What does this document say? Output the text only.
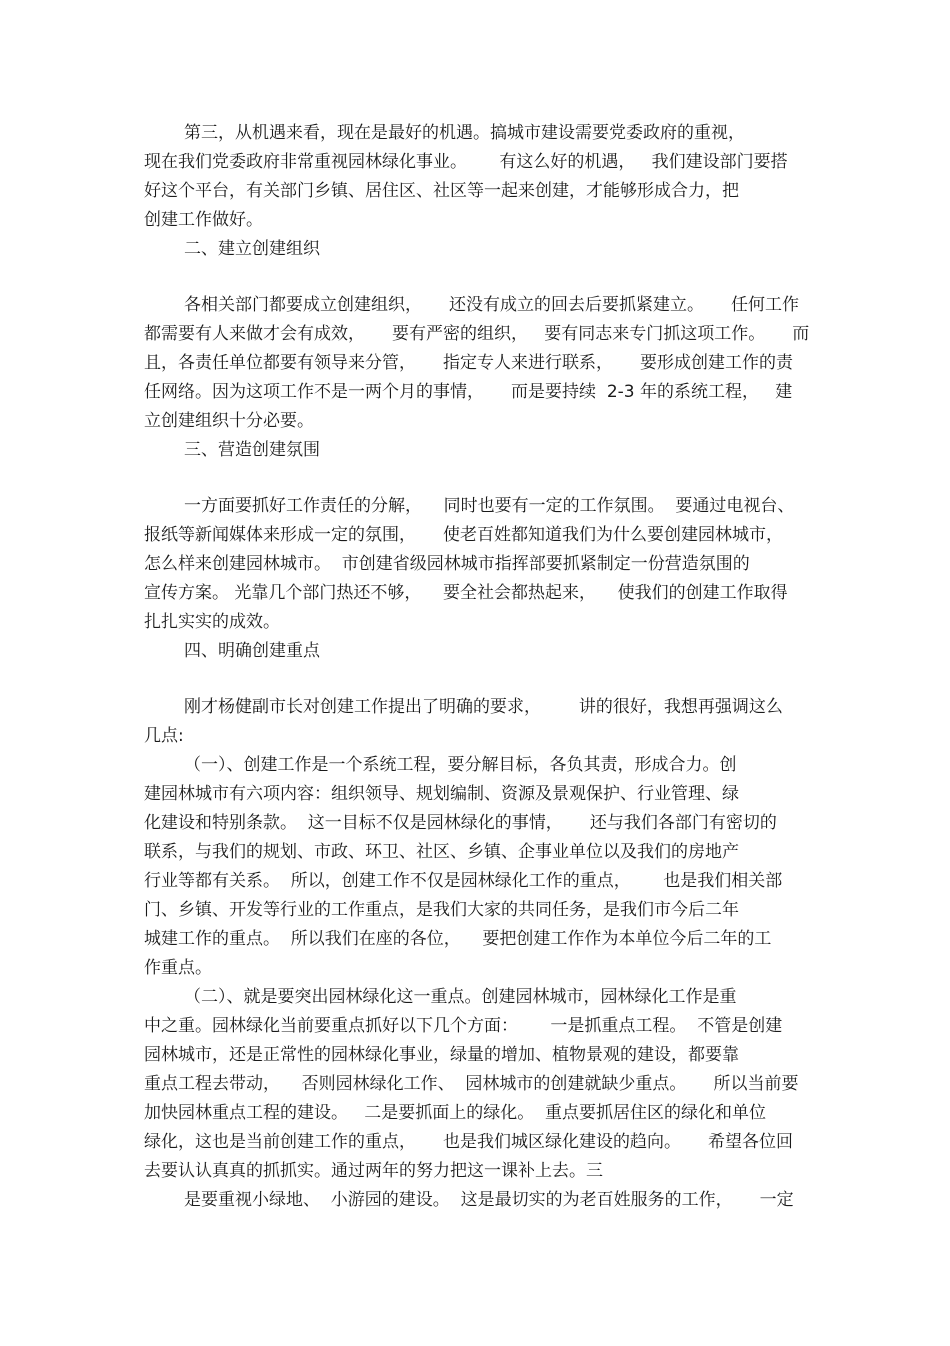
第三，从机遇来看，现在是最好的机遇。搞城市建设需要党委政府的重视，
现在我们党委政府非常重视园林绿化事业。      有这么好的机遇，   我们建设部门要搭
好这个平台，有关部门乡镇、居住区、社区等一起来创建，才能够形成合力，把
创建工作做好。
二、建立创建组织
各相关部门都要成立创建组织，     还没有成立的回去后要抓紧建立。     任何工作
都需要有人来做才会有成效，     要有严密的组织，   要有同志来专门抓这项工作。     而
且，各责任单位都要有领导来分管，     指定专人来进行联系，     要形成创建工作的责
任网络。因为这项工作不是一两个月的事情，     而是要持续  2-3 年的系统工程，   建
立创建组织十分必要。
三、营造创建氛围
一方面要抓好工作责任的分解，    同时也要有一定的工作氛围。  要通过电视台、
报纸等新闻媒体来形成一定的氛围，     使老百姓都知道我们为什么要创建园林城市，
怎么样来创建园林城市。  市创建省级园林城市指挥部要抓紧制定一份营造氛围的
宣传方案。 光靠几个部门热还不够，    要全社会都热起来，    使我们的创建工作取得
扎扎实实的成效。
四、明确创建重点
刚才杨健副市长对创建工作提出了明确的要求，       讲的很好，我想再强调这么
几点:
（一）、创建工作是一个系统工程，要分解目标，各负其责，形成合力。创
建园林城市有六项内容：组织领导、规划编制、资源及景观保护、行业管理、绿
化建设和特别条款。  这一目标不仅是园林绿化的事情，     还与我们各部门有密切的
联系，与我们的规划、市政、环卫、社区、乡镇、企事业单位以及我们的房地产
行业等都有关系。  所以，创建工作不仅是园林绿化工作的重点，      也是我们相关部
门、乡镇、开发等行业的工作重点，是我们大家的共同任务，是我们市今后二年
城建工作的重点。  所以我们在座的各位，    要把创建工作作为本单位今后二年的工
作重点。
（二）、就是要突出园林绿化这一重点。创建园林城市，园林绿化工作是重
中之重。园林绿化当前要重点抓好以下几个方面：      一是抓重点工程。  不管是创建
园林城市，还是正常性的园林绿化事业，绿量的增加、植物景观的建设，都要靠
重点工程去带动，    否则园林绿化工作、  园林城市的创建就缺少重点。     所以当前要
加快园林重点工程的建设。   二是要抓面上的绿化。  重点要抓居住区的绿化和单位
绿化，这也是当前创建工作的重点，     也是我们城区绿化建设的趋向。     希望各位回
去要认认真真的抓抓实。通过两年的努力把这一课补上去。三
是要重视小绿地、  小游园的建设。  这是最切实的为老百姓服务的工作，     一定
